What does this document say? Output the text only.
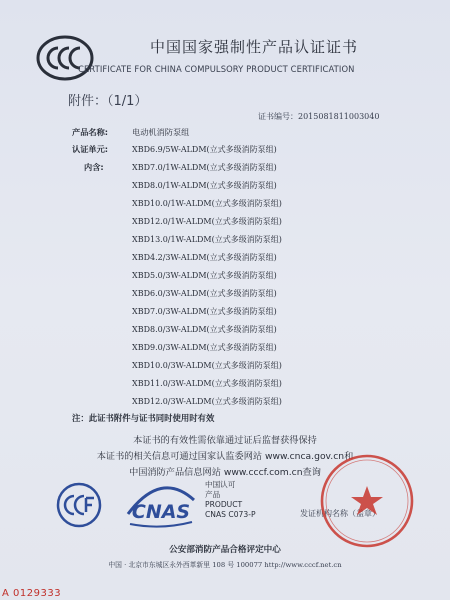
中国国家强制性产品认证证书
CERTIFICATE FOR CHINA COMPULSORY PRODUCT CERTIFICATION
附件：（1/1）
证书编号：2015081811003040
产品名称:	电动机消防泵组
认证单元:
内含:
XBD6.9/5W-ALDM(立式多级消防泵组)
XBD7.0/1W-ALDM(立式多级消防泵组)
XBD8.0/1W-ALDM(立式多级消防泵组)
XBD10.0/1W-ALDM(立式多级消防泵组)
XBD12.0/1W-ALDM(立式多级消防泵组)
XBD13.0/1W-ALDM(立式多级消防泵组)
XBD4.2/3W-ALDM(立式多级消防泵组)
XBD5.0/3W-ALDM(立式多级消防泵组)
XBD6.0/3W-ALDM(立式多级消防泵组)
XBD7.0/3W-ALDM(立式多级消防泵组)
XBD8.0/3W-ALDM(立式多级消防泵组)
XBD9.0/3W-ALDM(立式多级消防泵组)
XBD10.0/3W-ALDM(立式多级消防泵组)
XBD11.0/3W-ALDM(立式多级消防泵组)
XBD12.0/3W-ALDM(立式多级消防泵组)
注：此证书附件与证书同时使用时有效
本证书的有效性需依靠通过证后监督获得保持
本证书的相关信息可通过国家认监委网站 www.cnca.gov.cn和
中国消防产品信息网站 www.cccf.com.cn查询
CNAS
中国认可
产品
PRODUCT
CNAS C073-P	发证机构名称（盖章）
公安部消防产品合格评定中心
中国 · 北京市东城区永外西革新里 108 号 100077 http://www.cccf.net.cn
A 0129333
